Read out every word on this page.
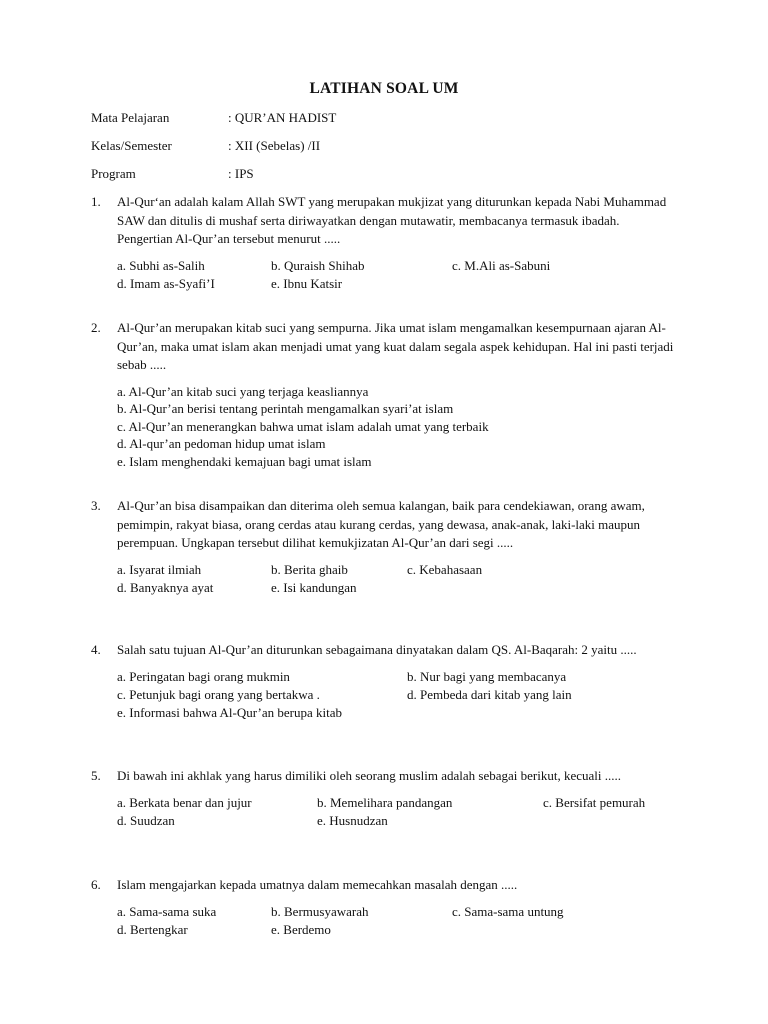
LATIHAN SOAL UM
Mata Pelajaran	: QUR’AN HADIST
Kelas/Semester	: XII (Sebelas) /II
Program	: IPS
1. Al-Qur‘an adalah kalam Allah SWT yang merupakan mukjizat yang diturunkan kepada Nabi Muhammad SAW dan ditulis di mushaf serta diriwayatkan dengan mutawatir, membacanya termasuk ibadah. Pengertian Al-Qur’an tersebut menurut .....
a. Subhi as-Salih	b. Quraish Shihab	c. M.Ali as-Sabuni
d. Imam as-Syafi’I	e. Ibnu Katsir
2. Al-Qur’an merupakan kitab suci yang sempurna. Jika umat islam mengamalkan kesempurnaan ajaran Al-Qur’an, maka umat islam akan menjadi umat yang kuat dalam segala aspek kehidupan. Hal ini pasti terjadi sebab .....
a. Al-Qur’an kitab suci yang terjaga keasliannya
b. Al-Qur’an berisi tentang perintah mengamalkan syari’at islam
c. Al-Qur’an menerangkan bahwa umat islam adalah umat yang terbaik
d. Al-qur’an pedoman hidup umat islam
e. Islam menghendaki kemajuan bagi umat islam
3. Al-Qur’an bisa disampaikan dan diterima oleh semua kalangan, baik para cendekiawan, orang awam, pemimpin, rakyat biasa, orang cerdas atau kurang cerdas, yang dewasa, anak-anak, laki-laki maupun perempuan. Ungkapan tersebut dilihat kemukjizatan Al-Qur’an dari segi .....
a. Isyarat ilmiah	b. Berita ghaib	c. Kebahasaan
d. Banyaknya ayat	e. Isi kandungan
4. Salah satu tujuan Al-Qur’an diturunkan sebagaimana dinyatakan dalam QS. Al-Baqarah: 2 yaitu .....
a. Peringatan bagi orang mukmin	b. Nur bagi yang membacanya
c. Petunjuk bagi orang yang bertakwa .	d. Pembeda dari kitab yang lain
e. Informasi bahwa Al-Qur’an berupa kitab
5. Di bawah ini akhlak yang harus dimiliki oleh seorang muslim adalah sebagai berikut, kecuali .....
a. Berkata benar dan jujur	b. Memelihara pandangan	c. Bersifat pemurah
d. Suudzan	e. Husnudzan
6. Islam mengajarkan kepada umatnya dalam memecahkan masalah dengan .....
a. Sama-sama suka	b. Bermusyawarah	c. Sama-sama untung
d. Bertengkar	e. Berdemo
